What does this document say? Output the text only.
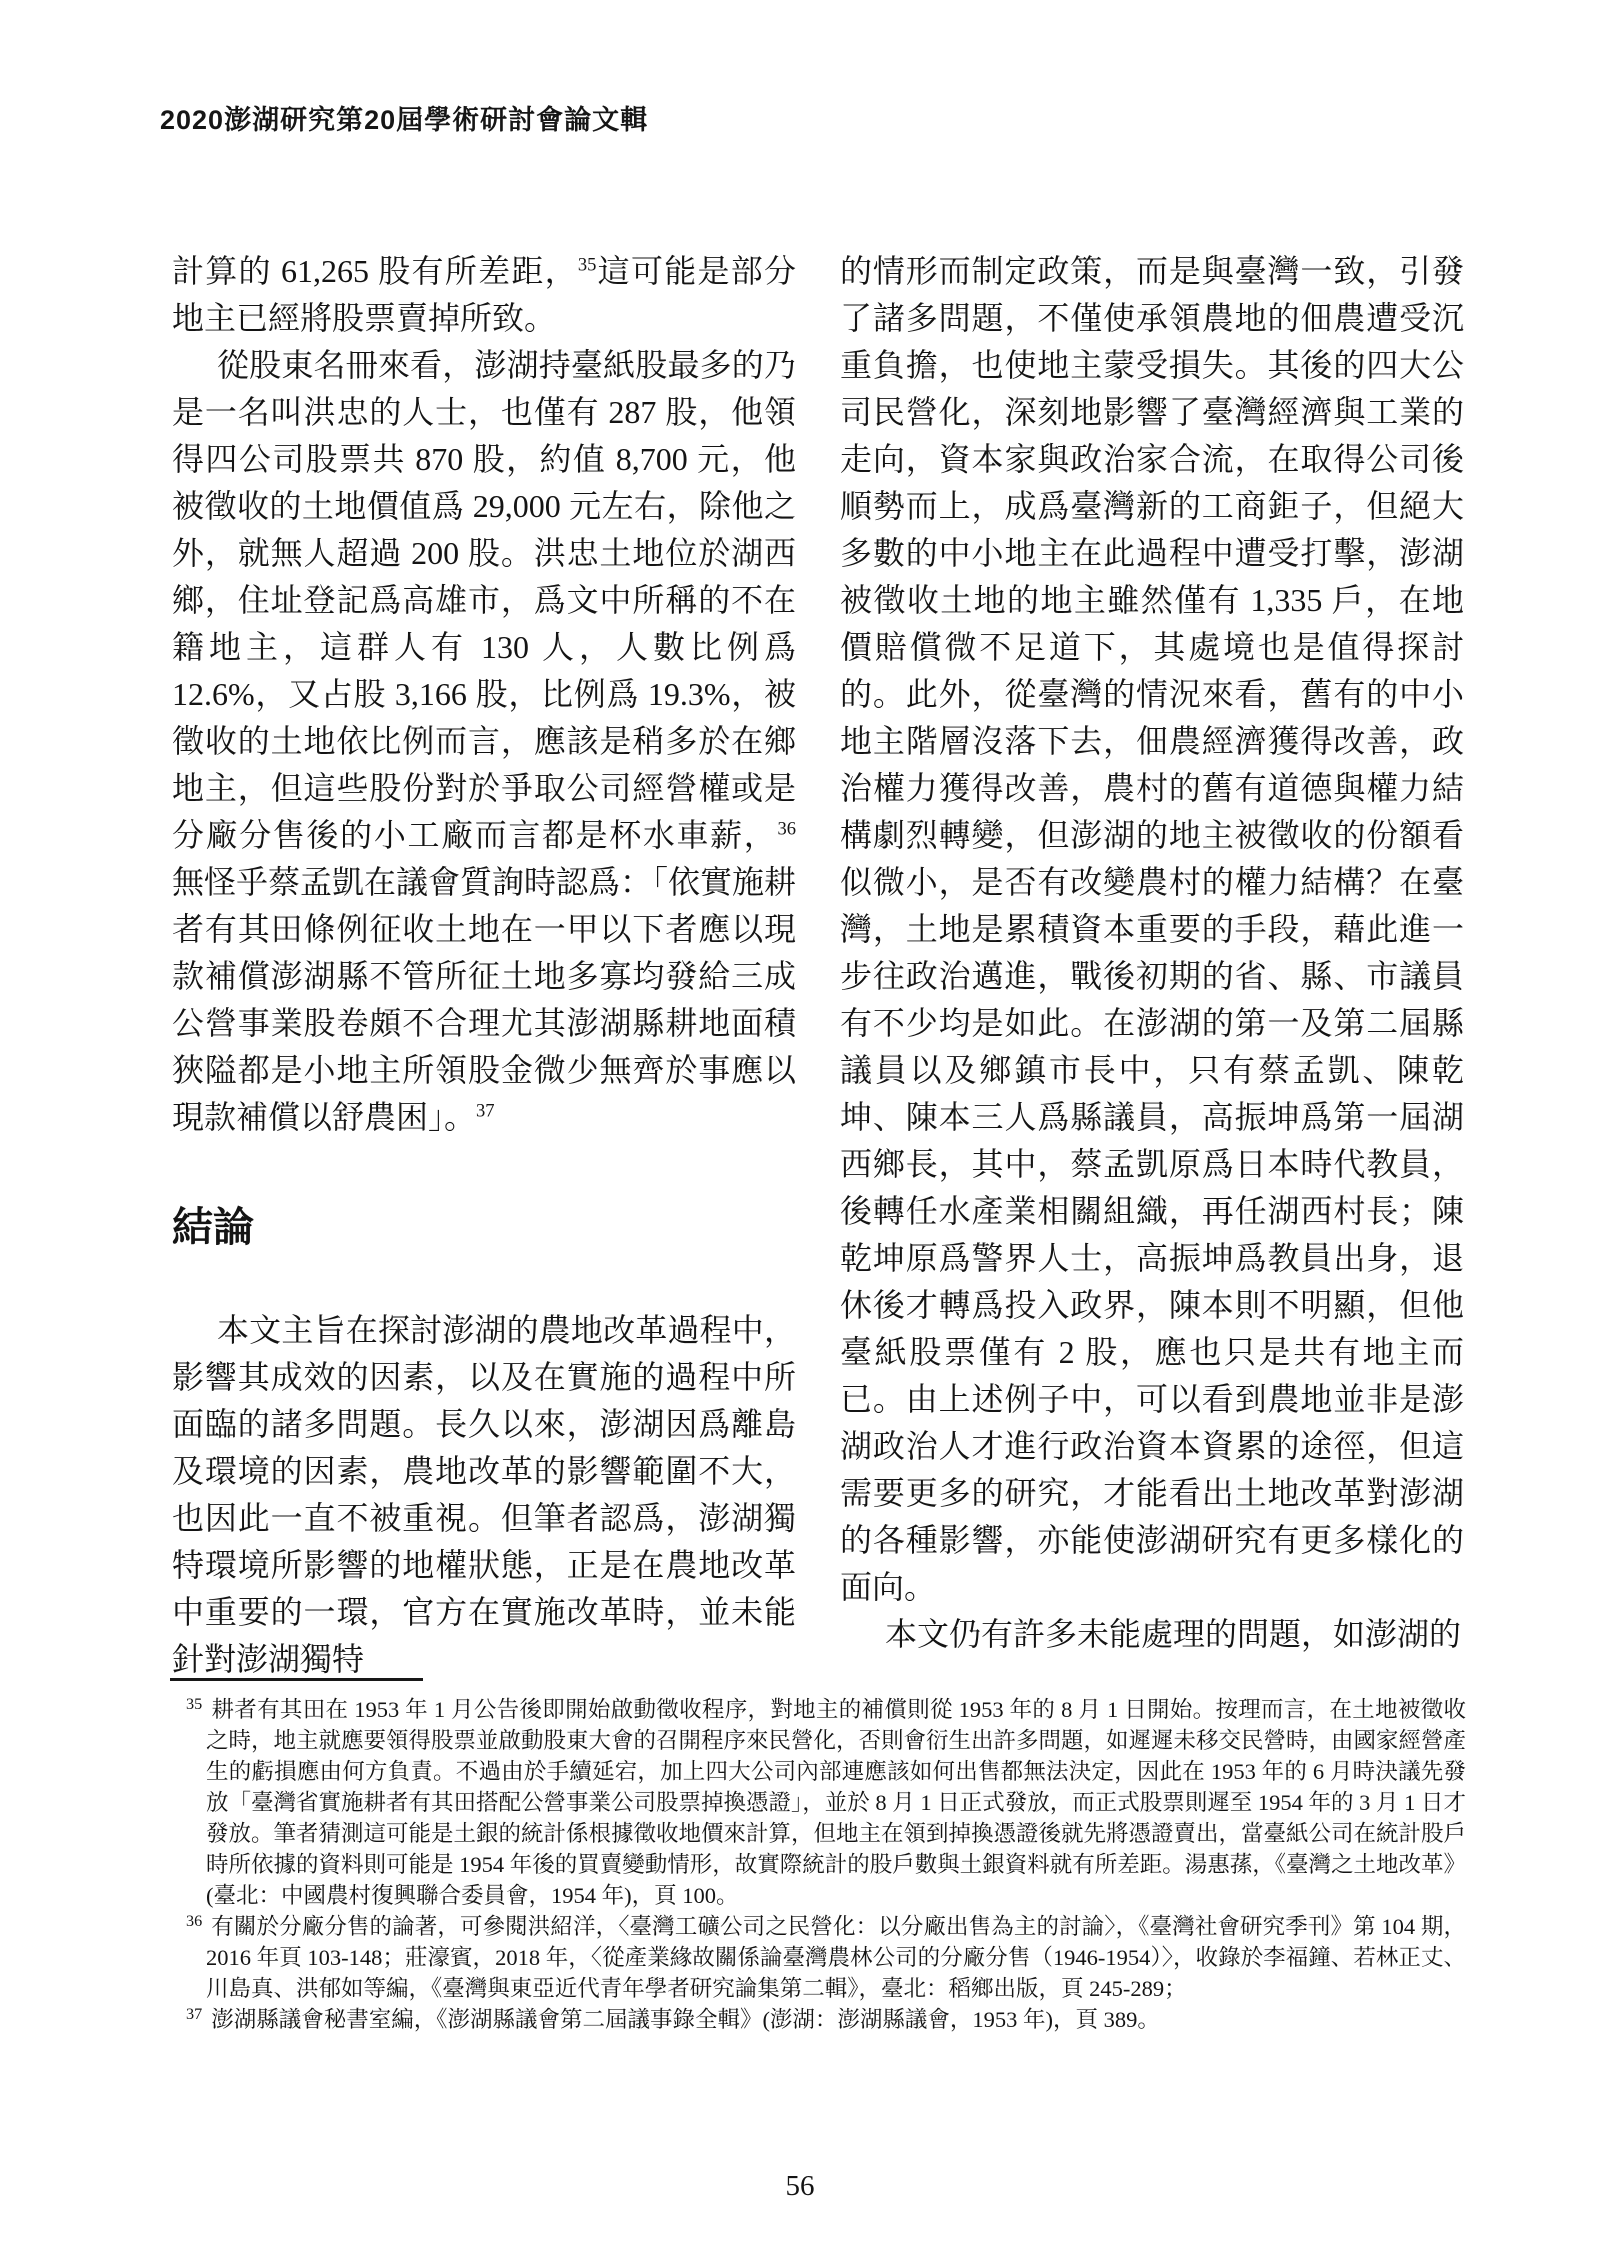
2020澎湖研究第20屆學術研討會論文輯

計算的 61,265 股有所差距，$^{35}$這可能是部分地主已經將股票賣掉所致。

從股東名冊來看，澎湖持臺紙股最多的乃是一名叫洪忠的人士，也僅有 287 股，他領得四公司股票共 870 股，約值 8,700 元，他被徵收的土地價值爲 29,000 元左右，除他之外，就無人超過 200 股。洪忠土地位於湖西鄉，住址登記爲高雄市，爲文中所稱的不在籍地主，這群人有 130 人，人數比例爲 12.6%，又占股 3,166 股，比例爲 19.3%，被徵收的土地依比例而言，應該是稍多於在鄉地主，但這些股份對於爭取公司經營權或是分廠分售後的小工廠而言都是杯水車薪，$^{36}$無怪乎蔡孟凱在議會質詢時認爲：「依實施耕者有其田條例征收土地在一甲以下者應以現款補償澎湖縣不管所征土地多寡均發給三成公營事業股卷頗不合理尤其澎湖縣耕地面積狹隘都是小地主所領股金微少無齊於事應以現款補償以舒農困」。$^{37}$

結論

本文主旨在探討澎湖的農地改革過程中，影響其成效的因素，以及在實施的過程中所面臨的諸多問題。長久以來，澎湖因爲離島及環境的因素，農地改革的影響範圍不大，也因此一直不被重視。但筆者認爲，澎湖獨特環境所影響的地權狀態，正是在農地改革中重要的一環，官方在實施改革時，並未能針對澎湖獨特

的情形而制定政策，而是與臺灣一致，引發了諸多問題，不僅使承領農地的佃農遭受沉重負擔，也使地主蒙受損失。其後的四大公司民營化，深刻地影響了臺灣經濟與工業的走向，資本家與政治家合流，在取得公司後順勢而上，成爲臺灣新的工商鉅子，但絕大多數的中小地主在此過程中遭受打擊，澎湖被徵收土地的地主雖然僅有 1,335 戶，在地價賠償微不足道下，其處境也是值得探討的。此外，從臺灣的情況來看，舊有的中小地主階層沒落下去，佃農經濟獲得改善，政治權力獲得改善，農村的舊有道德與權力結構劇烈轉變，但澎湖的地主被徵收的份額看似微小，是否有改變農村的權力結構？在臺灣，土地是累積資本重要的手段，藉此進一步往政治邁進，戰後初期的省、縣、市議員有不少均是如此。在澎湖的第一及第二屆縣議員以及鄉鎮市長中，只有蔡孟凱、陳乾坤、陳本三人爲縣議員，高振坤爲第一屆湖西鄉長，其中，蔡孟凱原爲日本時代教員，後轉任水產業相關組織，再任湖西村長；陳乾坤原爲警界人士，高振坤爲教員出身，退休後才轉爲投入政界，陳本則不明顯，但他臺紙股票僅有 2 股，應也只是共有地主而已。由上述例子中，可以看到農地並非是澎湖政治人才進行政治資本資累的途徑，但這需要更多的研究，才能看出土地改革對澎湖的各種影響，亦能使澎湖研究有更多樣化的面向。

本文仍有許多未能處理的問題，如澎湖的

$^{35}$ 耕者有其田在 1953 年 1 月公告後即開始啟動徵收程序，對地主的補償則從 1953 年的 8 月 1 日開始。按理而言，在土地被徵收之時，地主就應要領得股票並啟動股東大會的召開程序來民營化，否則會衍生出許多問題，如遲遲未移交民營時，由國家經營產生的虧損應由何方負責。不過由於手續延宕，加上四大公司內部連應該如何出售都無法決定，因此在 1953 年的 6 月時決議先發放「臺灣省實施耕者有其田搭配公營事業公司股票掉換憑證」，並於 8 月 1 日正式發放，而正式股票則遲至 1954 年的 3 月 1 日才發放。筆者猜測這可能是土銀的統計係根據徵收地價來計算，但地主在領到掉換憑證後就先將憑證賣出，當臺紙公司在統計股戶時所依據的資料則可能是 1954 年後的買賣變動情形，故實際統計的股戶數與土銀資料就有所差距。湯惠蓀，《臺灣之土地改革》(臺北：中國農村復興聯合委員會，1954 年)，頁 100。

$^{36}$ 有關於分廠分售的論著，可參閱洪紹洋，〈臺灣工礦公司之民營化：以分廠出售為主的討論〉，《臺灣社會研究季刊》第 104 期，2016 年頁 103-148；莊濠賓，2018 年，〈從產業緣故關係論臺灣農林公司的分廠分售（1946-1954）〉，收錄於李福鐘、若林正丈、川島真、洪郁如等編，《臺灣與東亞近代青年學者研究論集第二輯》，臺北：稻鄉出版，頁 245-289；

$^{37}$ 澎湖縣議會秘書室編，《澎湖縣議會第二屆議事錄全輯》(澎湖：澎湖縣議會，1953 年)，頁 389。

56
